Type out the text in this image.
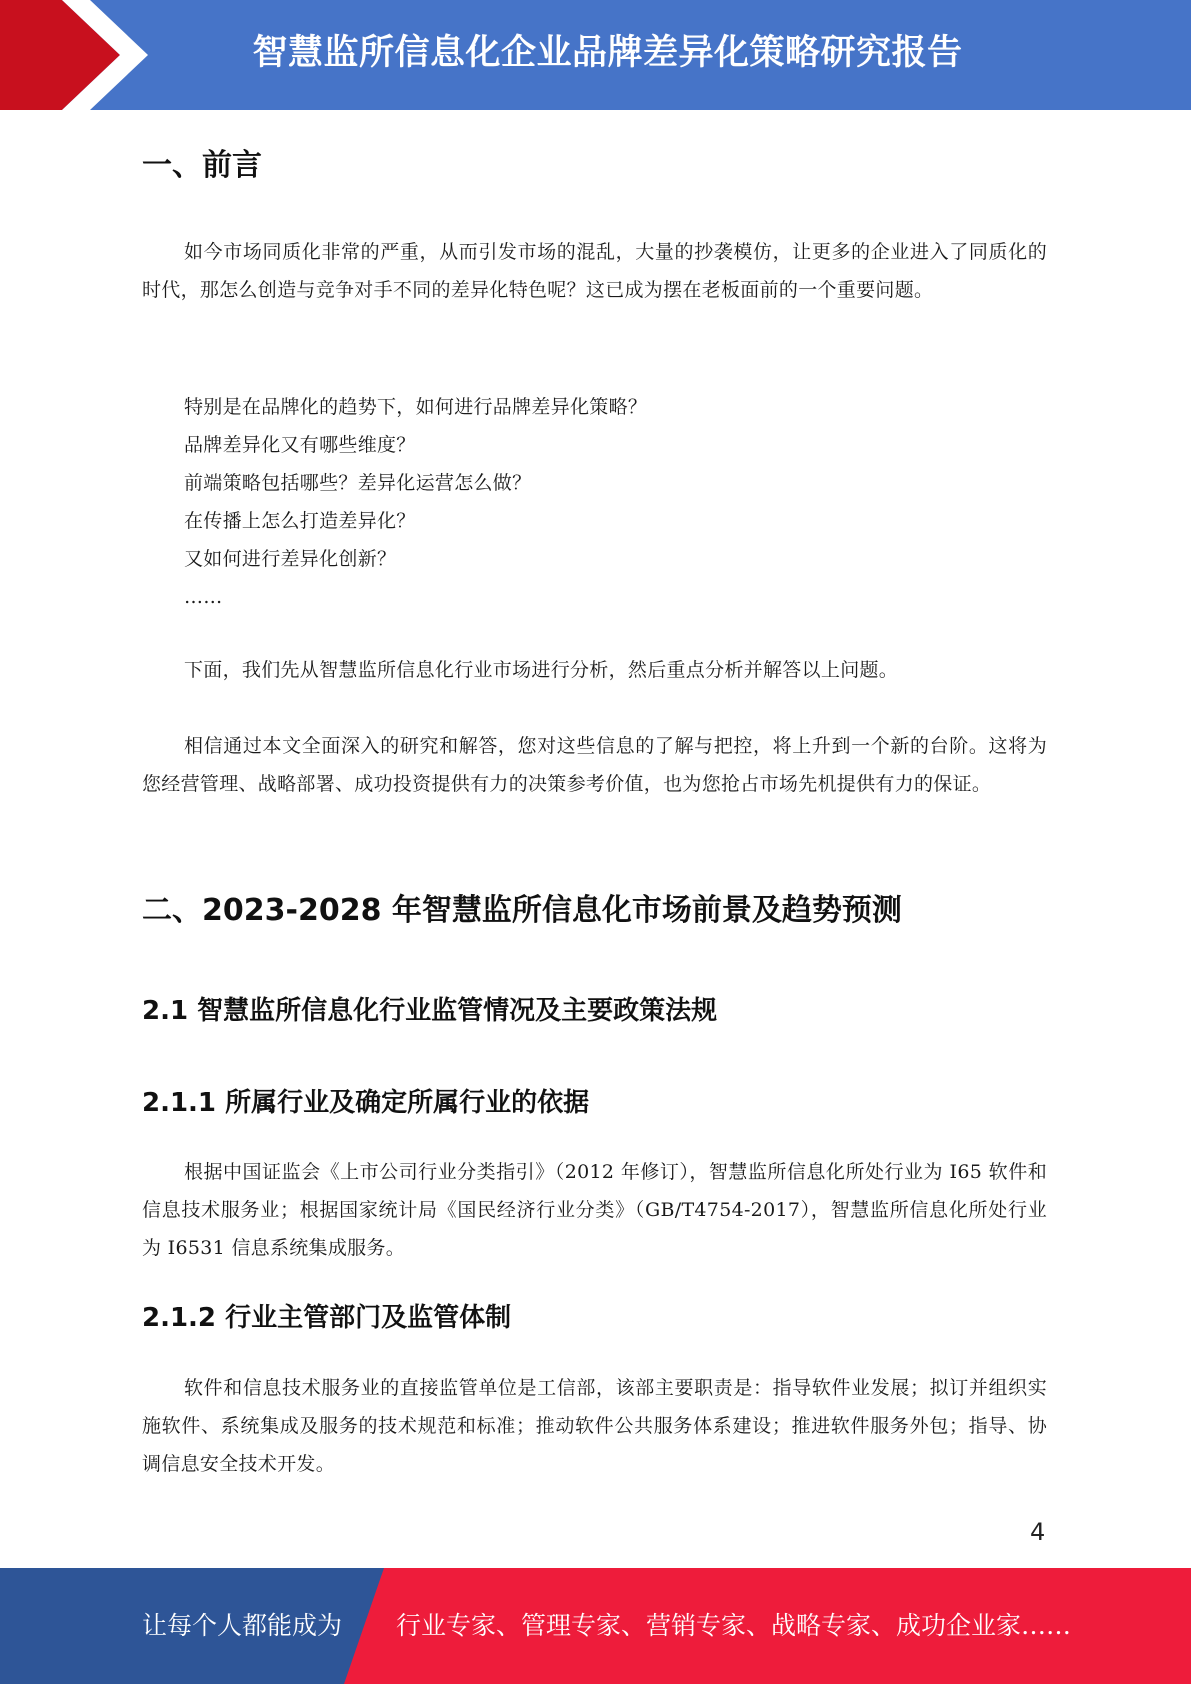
智慧监所信息化企业品牌差异化策略研究报告
一、前言

如今市场同质化非常的严重，从而引发市场的混乱，大量的抄袭模仿，让更多的企业进入了同质化的时代，那怎么创造与竞争对手不同的差异化特色呢？这已成为摆在老板面前的一个重要问题。

特别是在品牌化的趋势下，如何进行品牌差异化策略？
品牌差异化又有哪些维度？
前端策略包括哪些？差异化运营怎么做？
在传播上怎么打造差异化？
又如何进行差异化创新？
……

下面，我们先从智慧监所信息化行业市场进行分析，然后重点分析并解答以上问题。

相信通过本文全面深入的研究和解答，您对这些信息的了解与把控，将上升到一个新的台阶。这将为您经营管理、战略部署、成功投资提供有力的决策参考价值，也为您抢占市场先机提供有力的保证。

二、2023-2028 年智慧监所信息化市场前景及趋势预测
2.1 智慧监所信息化行业监管情况及主要政策法规
2.1.1 所属行业及确定所属行业的依据

根据中国证监会《上市公司行业分类指引》（2012 年修订），智慧监所信息化所处行业为 I65 软件和信息技术服务业；根据国家统计局《国民经济行业分类》（GB/T4754-2017），智慧监所信息化所处行业为 I6531 信息系统集成服务。

2.1.2 行业主管部门及监管体制

软件和信息技术服务业的直接监管单位是工信部，该部主要职责是：指导软件业发展；拟订并组织实施软件、系统集成及服务的技术规范和标准；推动软件公共服务体系建设；推进软件服务外包；指导、协调信息安全技术开发。

4
让每个人都能成为 行业专家、管理专家、营销专家、战略专家、成功企业家……
